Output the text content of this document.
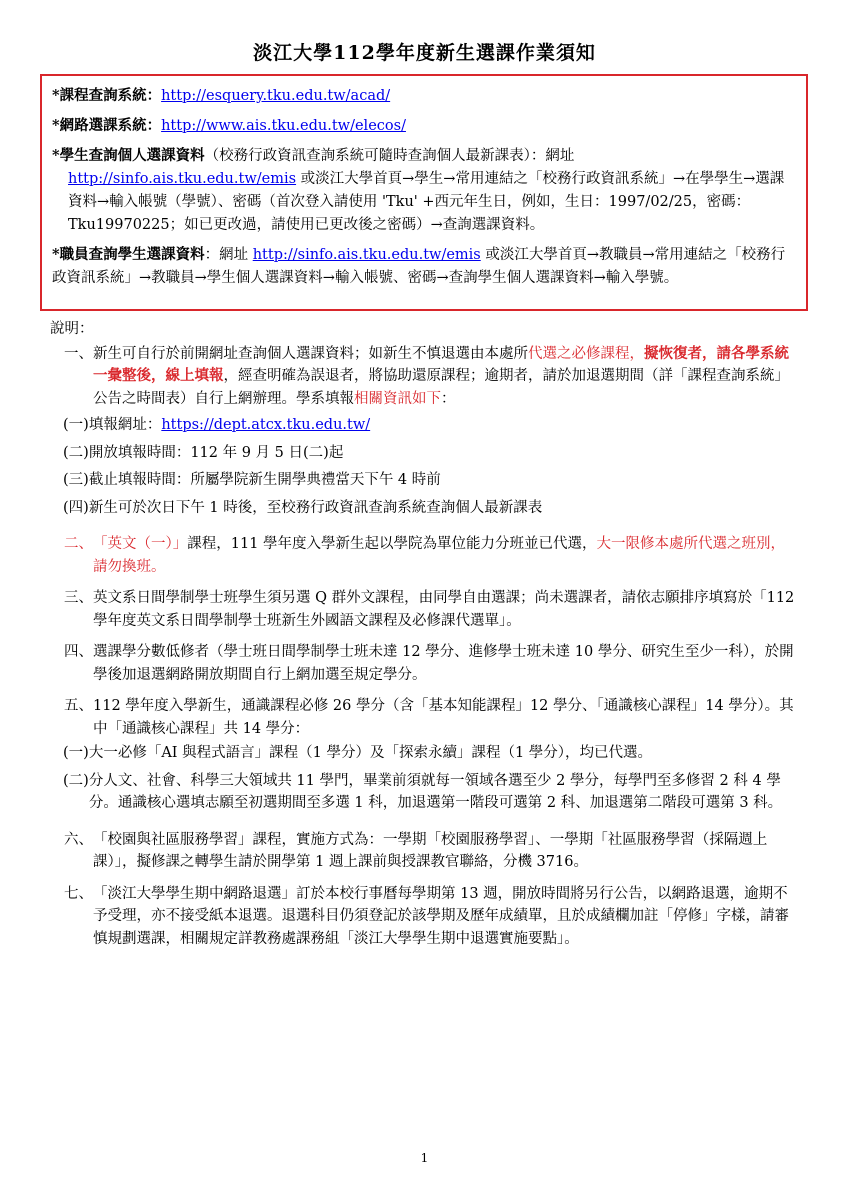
淡江大學112學年度新生選課作業須知
*課程查詢系統：http://esquery.tku.edu.tw/acad/
*網路選課系統：http://www.ais.tku.edu.tw/elecos/
*學生查詢個人選課資料（校務行政資訊查詢系統可隨時查詢個人最新課表）：網址
http://sinfo.ais.tku.edu.tw/emis 或淡江大學首頁→學生→常用連結之「校務行政資訊系統」→在學學生→選課資料→輸入帳號（學號）、密碼（首次登入請使用 'Tku' +西元年生日，例如，生日：1997/02/25，密碼：Tku19970225；如已更改過，請使用已更改後之密碼）→查詢選課資料。
*職員查詢學生選課資料：網址 http://sinfo.ais.tku.edu.tw/emis 或淡江大學首頁→教職員→常用連結之「校務行政資訊系統」→教職員→學生個人選課資料→輸入帳號、密碼→查詢學生個人選課資料→輸入學號。
說明：
一、 新生可自行於前開網址查詢個人選課資料；如新生不慎退選由本處所代選之必修課程，擬恢復者，請各學系統一彙整後，線上填報，經查明確為誤退者，將協助還原課程；逾期者，請於加退選期間（詳「課程查詢系統」公告之時間表）自行上網辦理。學系填報相關資訊如下：
(一) 填報網址：https://dept.atcx.tku.edu.tw/
(二) 開放填報時間：112 年 9 月 5 日(二)起
(三) 截止填報時間：所屬學院新生開學典禮當天下午 4 時前
(四) 新生可於次日下午 1 時後，至校務行政資訊查詢系統查詢個人最新課表
二、 「英文（一）」課程，111 學年度入學新生起以學院為單位能力分班並已代選，大一限修本處所代選之班別，請勿換班。
三、 英文系日間學制學士班學生須另選 Q 群外文課程，由同學自由選課；尚未選課者，請依志願排序填寫於「112 學年度英文系日間學制學士班新生外國語文課程及必修課代選單」。
四、 選課學分數低修者（學士班日間學制學士班未達 12 學分、進修學士班未達 10 學分、研究生至少一科），於開學後加退選網路開放期間自行上網加選至規定學分。
五、 112 學年度入學新生，通識課程必修 26 學分（含「基本知能課程」12 學分、「通識核心課程」14 學分）。其中「通識核心課程」共 14 學分：
(一) 大一必修「AI 與程式語言」課程（1 學分）及「探索永續」課程（1 學分），均已代選。
(二) 分人文、社會、科學三大領域共 11 學門，畢業前須就每一領域各選至少 2 學分，每學門至多修習 2 科 4 學分。通識核心選填志願至初選期間至多選 1 科，加退選第一階段可選第 2 科、加退選第二階段可選第 3 科。
六、 「校園與社區服務學習」課程，實施方式為：一學期「校園服務學習」、一學期「社區服務學習（採隔週上課）」，擬修課之轉學生請於開學第 1 週上課前與授課教官聯絡，分機 3716。
七、 「淡江大學學生期中網路退選」訂於本校行事曆每學期第 13 週，開放時間將另行公告，以網路退選，逾期不予受理，亦不接受紙本退選。退選科目仍須登記於該學期及歷年成績單，且於成績欄加註「停修」字樣，請審慎規劃選課，相關規定詳教務處課務組「淡江大學學生期中退選實施要點」。
1
